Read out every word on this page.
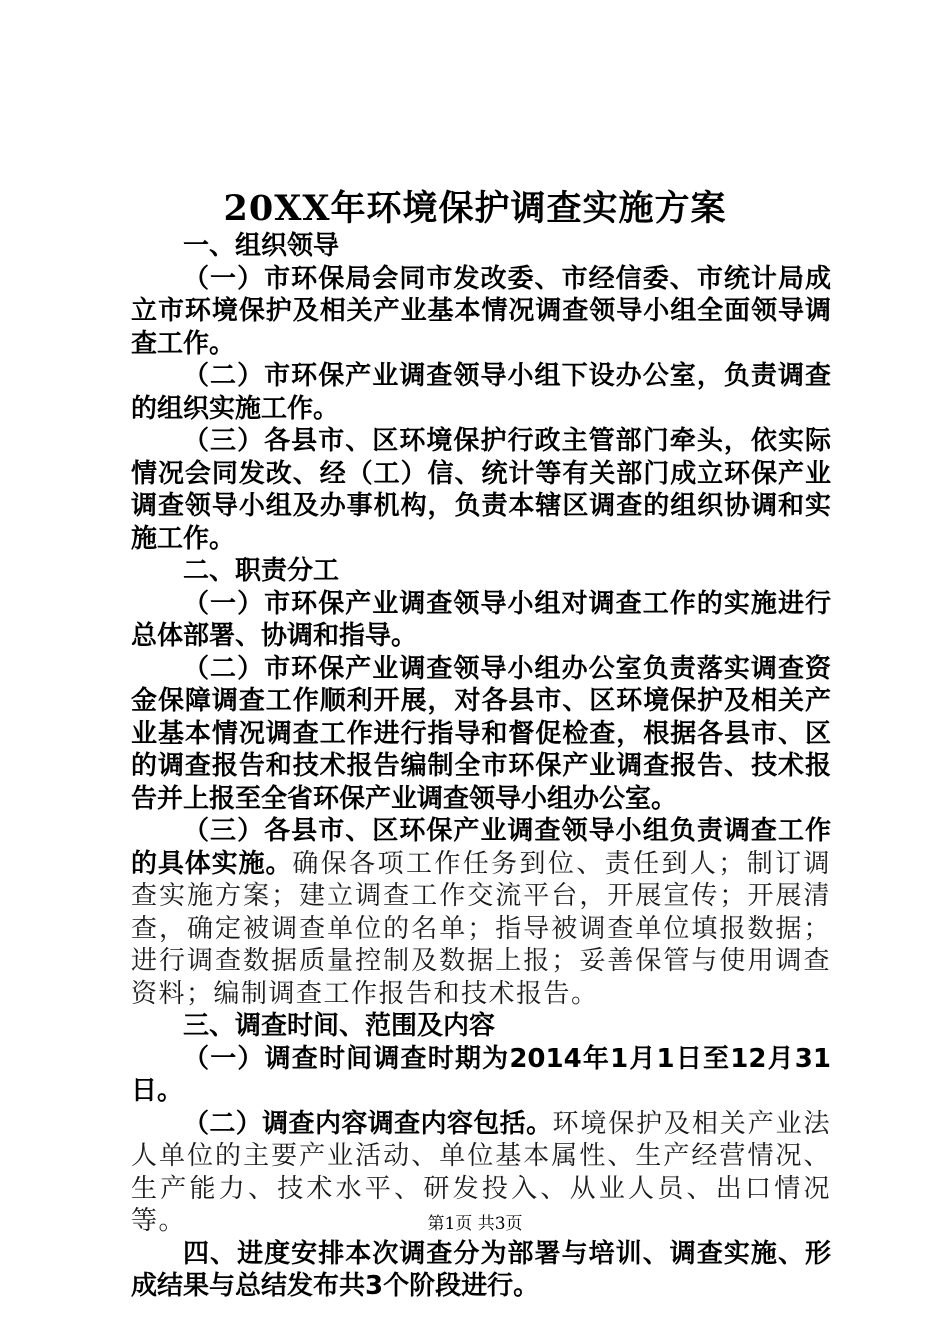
20XX年环境保护调查实施方案

一、组织领导

（一）市环保局会同市发改委、市经信委、市统计局成立市环境保护及相关产业基本情况调查领导小组全面领导调查工作。

（二）市环保产业调查领导小组下设办公室，负责调查的组织实施工作。

（三）各县市、区环境保护行政主管部门牵头，依实际情况会同发改、经（工）信、统计等有关部门成立环保产业调查领导小组及办事机构，负责本辖区调查的组织协调和实施工作。

二、职责分工

（一）市环保产业调查领导小组对调查工作的实施进行总体部署、协调和指导。

（二）市环保产业调查领导小组办公室负责落实调查资金保障调查工作顺利开展，对各县市、区环境保护及相关产业基本情况调查工作进行指导和督促检查，根据各县市、区的调查报告和技术报告编制全市环保产业调查报告、技术报告并上报至全省环保产业调查领导小组办公室。

（三）各县市、区环保产业调查领导小组负责调查工作的具体实施。确保各项工作任务到位、责任到人；制订调查实施方案；建立调查工作交流平台，开展宣传；开展清查，确定被调查单位的名单；指导被调查单位填报数据；进行调查数据质量控制及数据上报；妥善保管与使用调查资料；编制调查工作报告和技术报告。

三、调查时间、范围及内容

（一）调查时间调查时期为2014年1月1日至12月31日。

（二）调查内容调查内容包括。环境保护及相关产业法人单位的主要产业活动、单位基本属性、生产经营情况、生产能力、技术水平、研发投入、从业人员、出口情况等。

四、进度安排本次调查分为部署与培训、调查实施、形成结果与总结发布共3个阶段进行。

第1页 共3页
